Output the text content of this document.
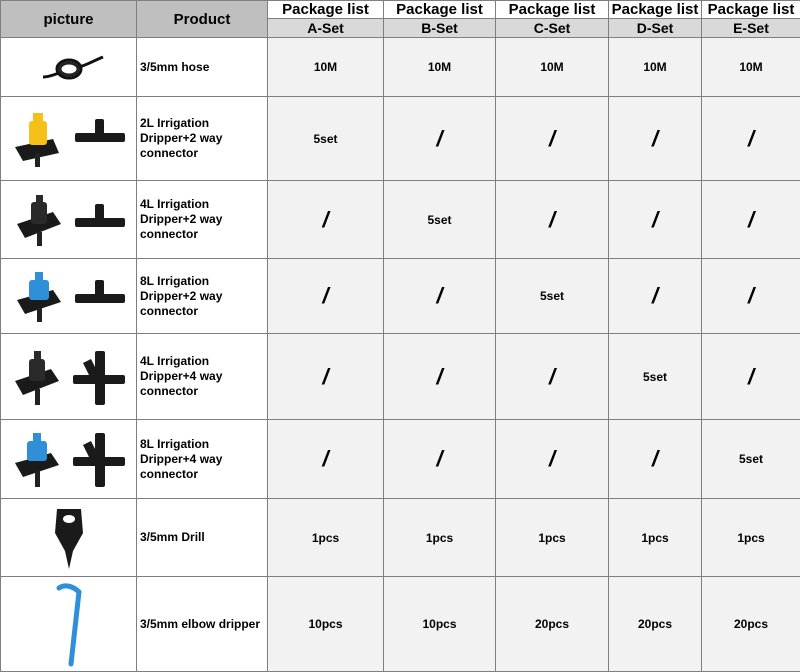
picture	Product	Package list	Package list	Package list	Package list	Package list
		A-Set	B-Set	C-Set	D-Set	E-Set

	3/5mm hose	10M	10M	10M	10M	10M

	2L Irrigation Dripper+2 way connector	5set	/	/	/	/

	4L Irrigation Dripper+2 way connector	/	5set	/	/	/

	8L Irrigation Dripper+2 way connector	/	/	5set	/	/

	4L Irrigation Dripper+4 way connector	/	/	/	5set	/

	8L Irrigation Dripper+4 way connector	/	/	/	/	5set

	3/5mm Drill	1pcs	1pcs	1pcs	1pcs	1pcs

	3/5mm elbow dripper	10pcs	10pcs	20pcs	20pcs	20pcs
